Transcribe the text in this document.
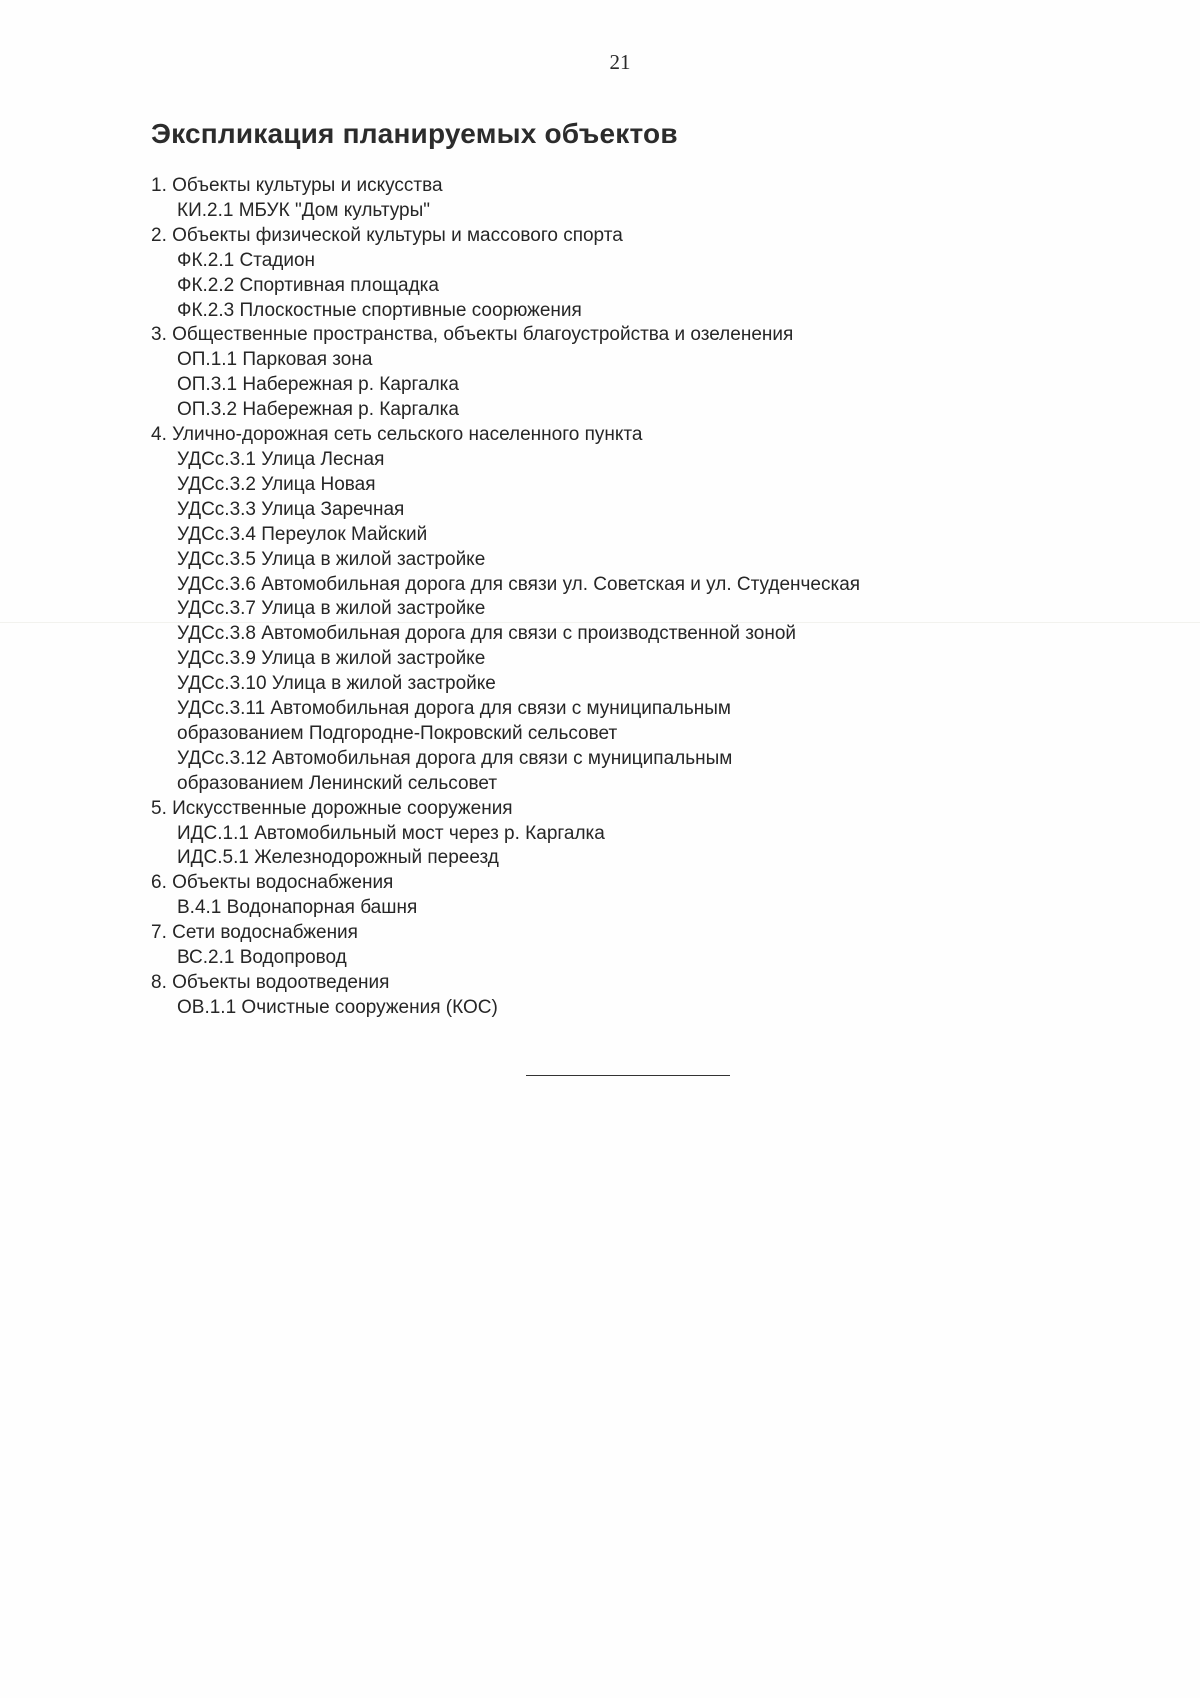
21
Экспликация планируемых объектов
1. Объекты культуры и искусства
КИ.2.1 МБУК "Дом культуры"
2. Объекты физической культуры и массового спорта
ФК.2.1 Стадион
ФК.2.2 Спортивная площадка
ФК.2.3 Плоскостные спортивные соорюжения
3. Общественные пространства, объекты благоустройства и озеленения
ОП.1.1 Парковая зона
ОП.3.1 Набережная р. Каргалка
ОП.3.2 Набережная р. Каргалка
4. Улично-дорожная сеть сельского населенного пункта
УДСс.3.1 Улица Лесная
УДСс.3.2 Улица Новая
УДСс.3.3 Улица Заречная
УДСс.3.4 Переулок Майский
УДСс.3.5 Улица в жилой застройке
УДСс.3.6 Автомобильная дорога для связи ул. Советская и ул. Студенческая
УДСс.3.7 Улица в жилой застройке
УДСс.3.8 Автомобильная дорога для связи с производственной зоной
УДСс.3.9 Улица в жилой застройке
УДСс.3.10 Улица в жилой застройке
УДСс.3.11 Автомобильная дорога для связи с муниципальным
образованием Подгородне-Покровский сельсовет
УДСс.3.12 Автомобильная дорога для связи с муниципальным
образованием Ленинский сельсовет
5. Искусственные дорожные сооружения
ИДС.1.1 Автомобильный мост через р. Каргалка
ИДС.5.1 Железнодорожный переезд
6. Объекты водоснабжения
В.4.1 Водонапорная башня
7. Сети водоснабжения
ВС.2.1 Водопровод
8. Объекты водоотведения
ОВ.1.1 Очистные сооружения (КОС)
